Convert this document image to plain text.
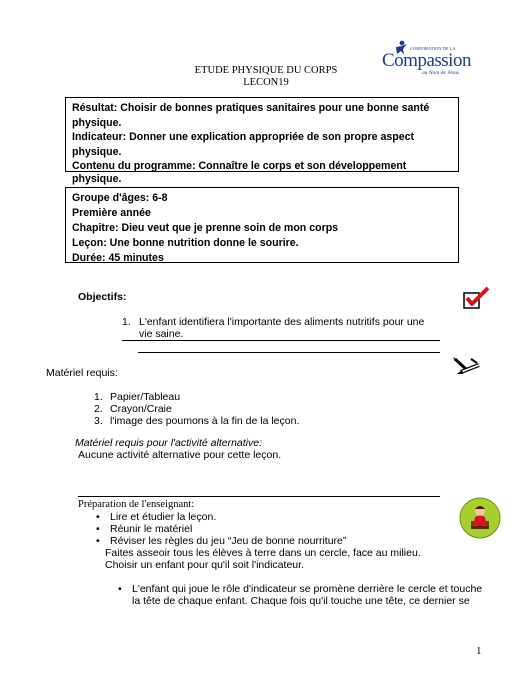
ETUDE PHYSIQUE DU CORPS
LECON19
CORPORATION DE LA
Compassion
au Nom de Jésus

Résultat: Choisir de bonnes pratiques sanitaires pour une bonne santé

physique.

Indicateur: Donner une explication appropriée de son propre aspect

physique.

Contenu du programme: Connaître le corps et son développement physique.

Groupe d'âges: 6-8

Première année

Chapitre: Dieu veut que je prenne soin de mon corps

Leçon: Une bonne nutrition donne le sourire.

Durée: 45 minutes

Objectifs:
1. L'enfant identifiera l'importante des aliments nutritifs pour une
vie saine.
Matériel requis:
1. Papier/Tableau
2. Crayon/Craie
3. l'image des poumons à la fin de la leçon.
Matériel requis pour l'activité alternative:
Aucune activité alternative pour cette leçon.
Préparation de l'enseignant:
• Lire et étudier la leçon.
• Réunir le matériel
• Réviser les règles du jeu “Jeu de bonne nourriture”
Faites asseoir tous les élèves à terre dans un cercle, face au milieu.
Choisir un enfant pour qu'il soit l'indicateur.
• L'enfant qui joue le rôle d'indicateur se promène derrière le cercle et touche
la tête de chaque enfant. Chaque fois qu'il touche une tête, ce dernier se
1
